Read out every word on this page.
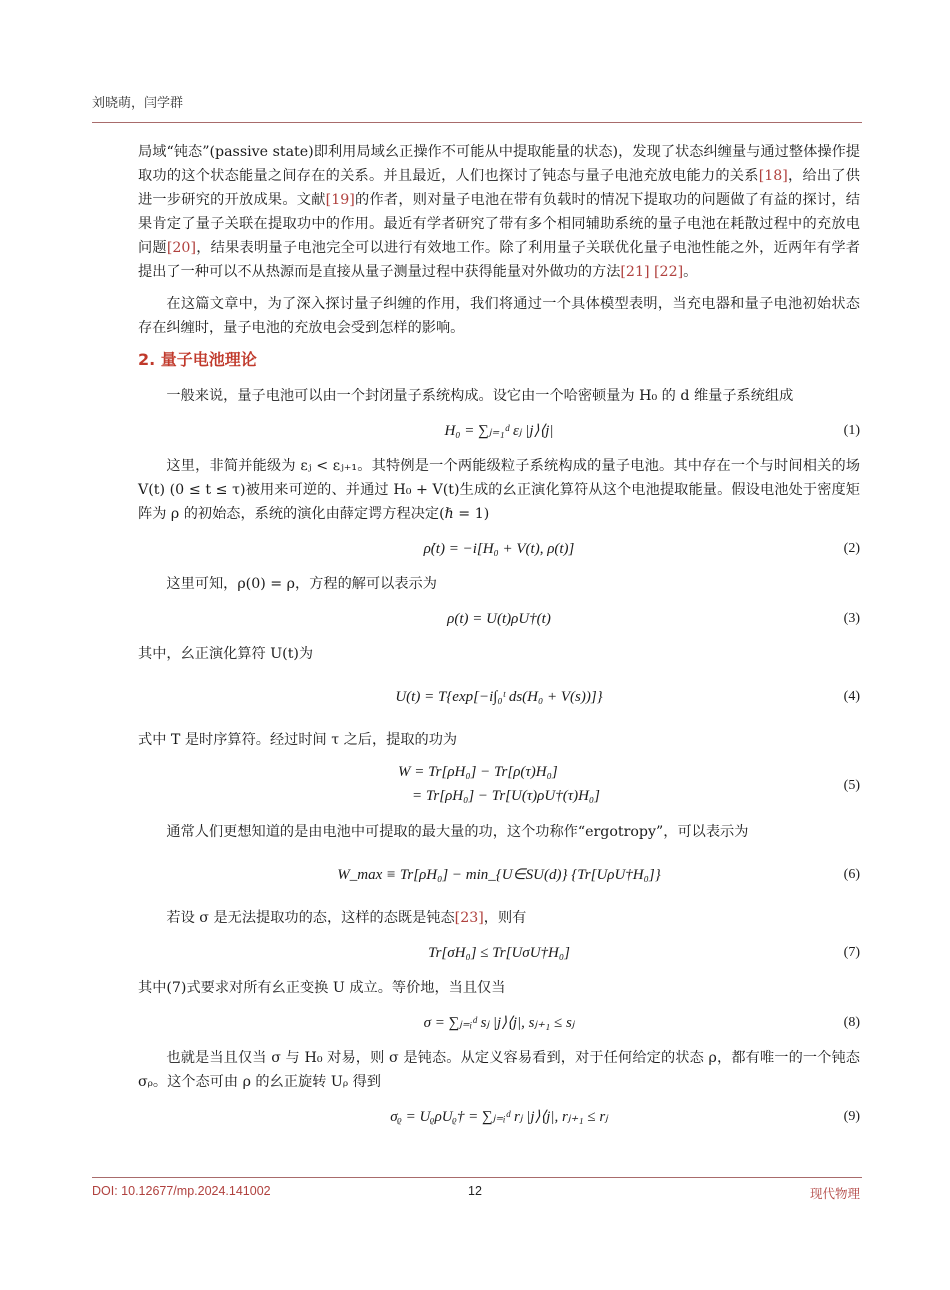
刘晓萌，闫学群

局域“钝态”(passive state)即利用局域幺正操作不可能从中提取能量的状态)，发现了状态纠缠量与通过整体操作提取功的这个状态能量之间存在的关系。并且最近，人们也探讨了钝态与量子电池充放电能力的关系[18]，给出了供进一步研究的开放成果。文献[19]的作者，则对量子电池在带有负载时的情况下提取功的问题做了有益的探讨，结果肯定了量子关联在提取功中的作用。最近有学者研究了带有多个相同辅助系统的量子电池在耗散过程中的充放电问题[20]，结果表明量子电池完全可以进行有效地工作。除了利用量子关联优化量子电池性能之外，近两年有学者提出了一种可以不从热源而是直接从量子测量过程中获得能量对外做功的方法[21] [22]。

在这篇文章中，为了深入探讨量子纠缠的作用，我们将通过一个具体模型表明，当充电器和量子电池初始状态存在纠缠时，量子电池的充放电会受到怎样的影响。

2. 量子电池理论

一般来说，量子电池可以由一个封闭量子系统构成。设它由一个哈密顿量为 H₀ 的 d 维量子系统组成

H₀ = ∑ⱼ₌₁ᵈ εⱼ |j⟩⟨j|	(1)

这里，非简并能级为 εⱼ < εⱼ₊₁。其特例是一个两能级粒子系统构成的量子电池。其中存在一个与时间相关的场 V(t) (0 ≤ t ≤ τ)被用来可逆的、并通过 H₀ + V(t)生成的幺正演化算符从这个电池提取能量。假设电池处于密度矩阵为 ρ 的初始态，系统的演化由薛定谔方程决定(ℏ = 1)

ρ̇(t) = −i[H₀ + V(t), ρ(t)]	(2)

这里可知，ρ(0) = ρ，方程的解可以表示为

ρ(t) = U(t)ρU†(t)	(3)

其中，幺正演化算符 U(t)为

U(t) = T{exp[−i∫₀ᵗ ds(H₀ + V(s))]}	(4)

式中 T 是时序算符。经过时间 τ 之后，提取的功为

W = Tr[ρH₀] − Tr[ρ(τ)H₀]
= Tr[ρH₀] − Tr[U(τ)ρU†(τ)H₀]
(5)

通常人们更想知道的是由电池中可提取的最大量的功，这个功称作“ergotropy”，可以表示为

W_max ≡ Tr[ρH₀] − min_{U∈SU(d)} {Tr[UρU†H₀]}	(6)

若设 σ 是无法提取功的态，这样的态既是钝态[23]，则有

Tr[σH₀] ≤ Tr[UσU†H₀]	(7)

其中(7)式要求对所有幺正变换 U 成立。等价地，当且仅当

σ = ∑ⱼ₌ᵢᵈ sⱼ |j⟩⟨j|, sⱼ₊₁ ≤ sⱼ	(8)

也就是当且仅当 σ 与 H₀ 对易，则 σ 是钝态。从定义容易看到，对于任何给定的状态 ρ，都有唯一的一个钝态 σᵨ。这个态可由 ρ 的幺正旋转 Uᵨ 得到

σᵨ = UᵨρUᵨ† = ∑ⱼ₌ᵢᵈ rⱼ |j⟩⟨j|, rⱼ₊₁ ≤ rⱼ	(9)
DOI: 10.12677/mp.2024.141002	12	现代物理
